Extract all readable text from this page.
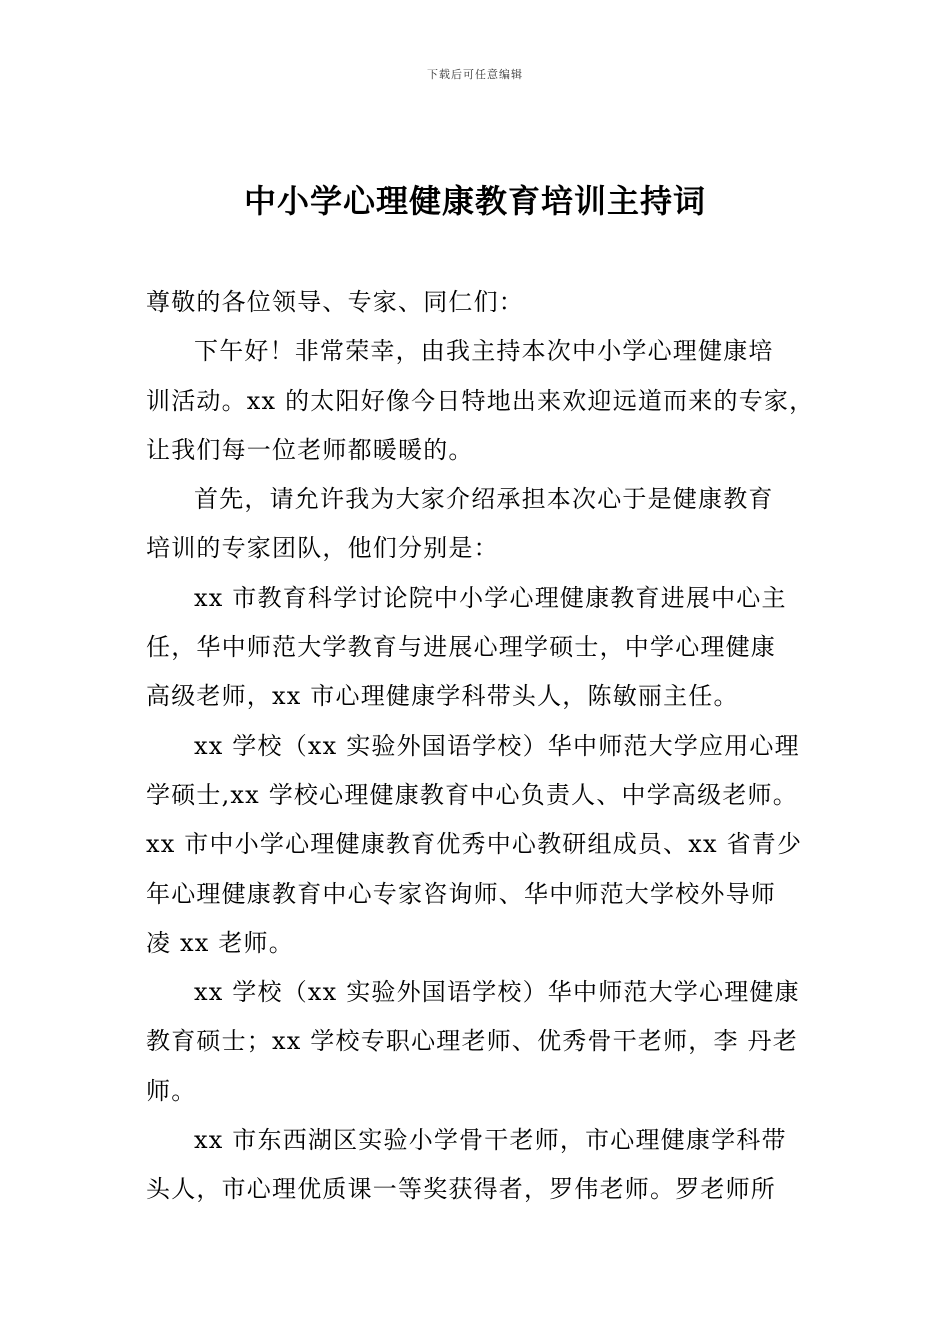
下载后可任意编辑
中小学心理健康教育培训主持词
尊敬的各位领导、专家、同仁们：
下午好！非常荣幸，由我主持本次中小学心理健康培
训活动。xx 的太阳好像今日特地出来欢迎远道而来的专家，
让我们每一位老师都暖暖的。
首先，请允许我为大家介绍承担本次心于是健康教育
培训的专家团队，他们分别是：
xx 市教育科学讨论院中小学心理健康教育进展中心主
任，华中师范大学教育与进展心理学硕士，中学心理健康
高级老师，xx 市心理健康学科带头人，陈敏丽主任。
xx 学校（xx 实验外国语学校）华中师范大学应用心理
学硕士,xx 学校心理健康教育中心负责人、中学高级老师。
xx 市中小学心理健康教育优秀中心教研组成员、xx 省青少
年心理健康教育中心专家咨询师、华中师范大学校外导师
凌 xx 老师。
xx 学校（xx 实验外国语学校）华中师范大学心理健康
教育硕士；xx 学校专职心理老师、优秀骨干老师，李 丹老
师。
xx 市东西湖区实验小学骨干老师，市心理健康学科带
头人，市心理优质课一等奖获得者，罗伟老师。罗老师所
